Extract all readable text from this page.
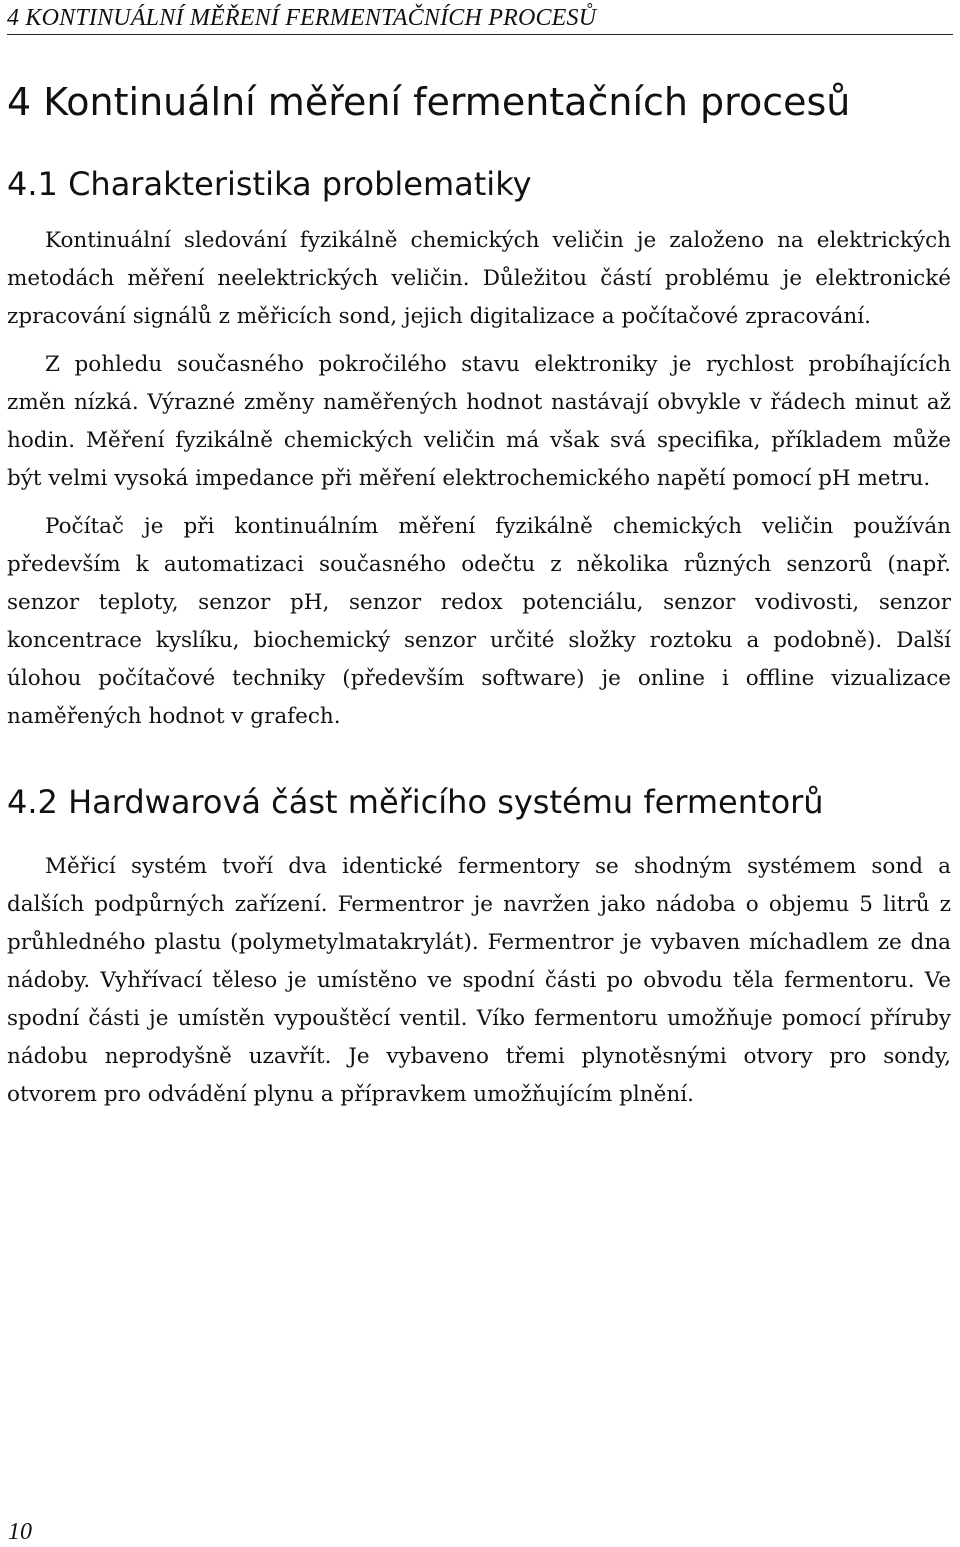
4 KONTINUÁLNÍ MĚŘENÍ FERMENTAČNÍCH PROCESŮ
4 Kontinuální měření fermentačních procesů
4.1 Charakteristika problematiky

Kontinuální sledování fyzikálně chemických veličin je založeno na elektrických metodách měření neelektrických veličin. Důležitou částí problému je elektronické zpracování signálů z měřicích sond, jejich digitalizace a počítačové zpracování.

Z pohledu současného pokročilého stavu elektroniky je rychlost probíhajících změn nízká. Výrazné změny naměřených hodnot nastávají obvykle v řádech minut až hodin. Měření fyzikálně chemických veličin má však svá specifika, příkladem může být velmi vysoká impedance při měření elektrochemického napětí pomocí pH metru.

Počítač je při kontinuálním měření fyzikálně chemických veličin používán především k automatizaci současného odečtu z několika různých senzorů (např. senzor teploty, senzor pH, senzor redox potenciálu, senzor vodivosti, senzor koncentrace kyslíku, biochemický senzor určité složky roztoku a podobně). Další úlohou počítačové techniky (především software) je online i offline vizualizace naměřených hodnot v grafech.

4.2 Hardwarová část měřicího systému fermentorů

Měřicí systém tvoří dva identické fermentory se shodným systémem sond a dalších podpůrných zařízení. Fermentror je navržen jako nádoba o objemu 5 litrů z průhledného plastu (polymetylmatakrylát). Fermentror je vybaven míchadlem ze dna nádoby. Vyhřívací těleso je umístěno ve spodní části po obvodu těla fermentoru. Ve spodní části je umístěn vypouštěcí ventil. Víko fermentoru umožňuje pomocí příruby nádobu neprodyšně uzavřít. Je vybaveno třemi plynotěsnými otvory pro sondy, otvorem pro odvádění plynu a přípravkem umožňujícím plnění.

10
